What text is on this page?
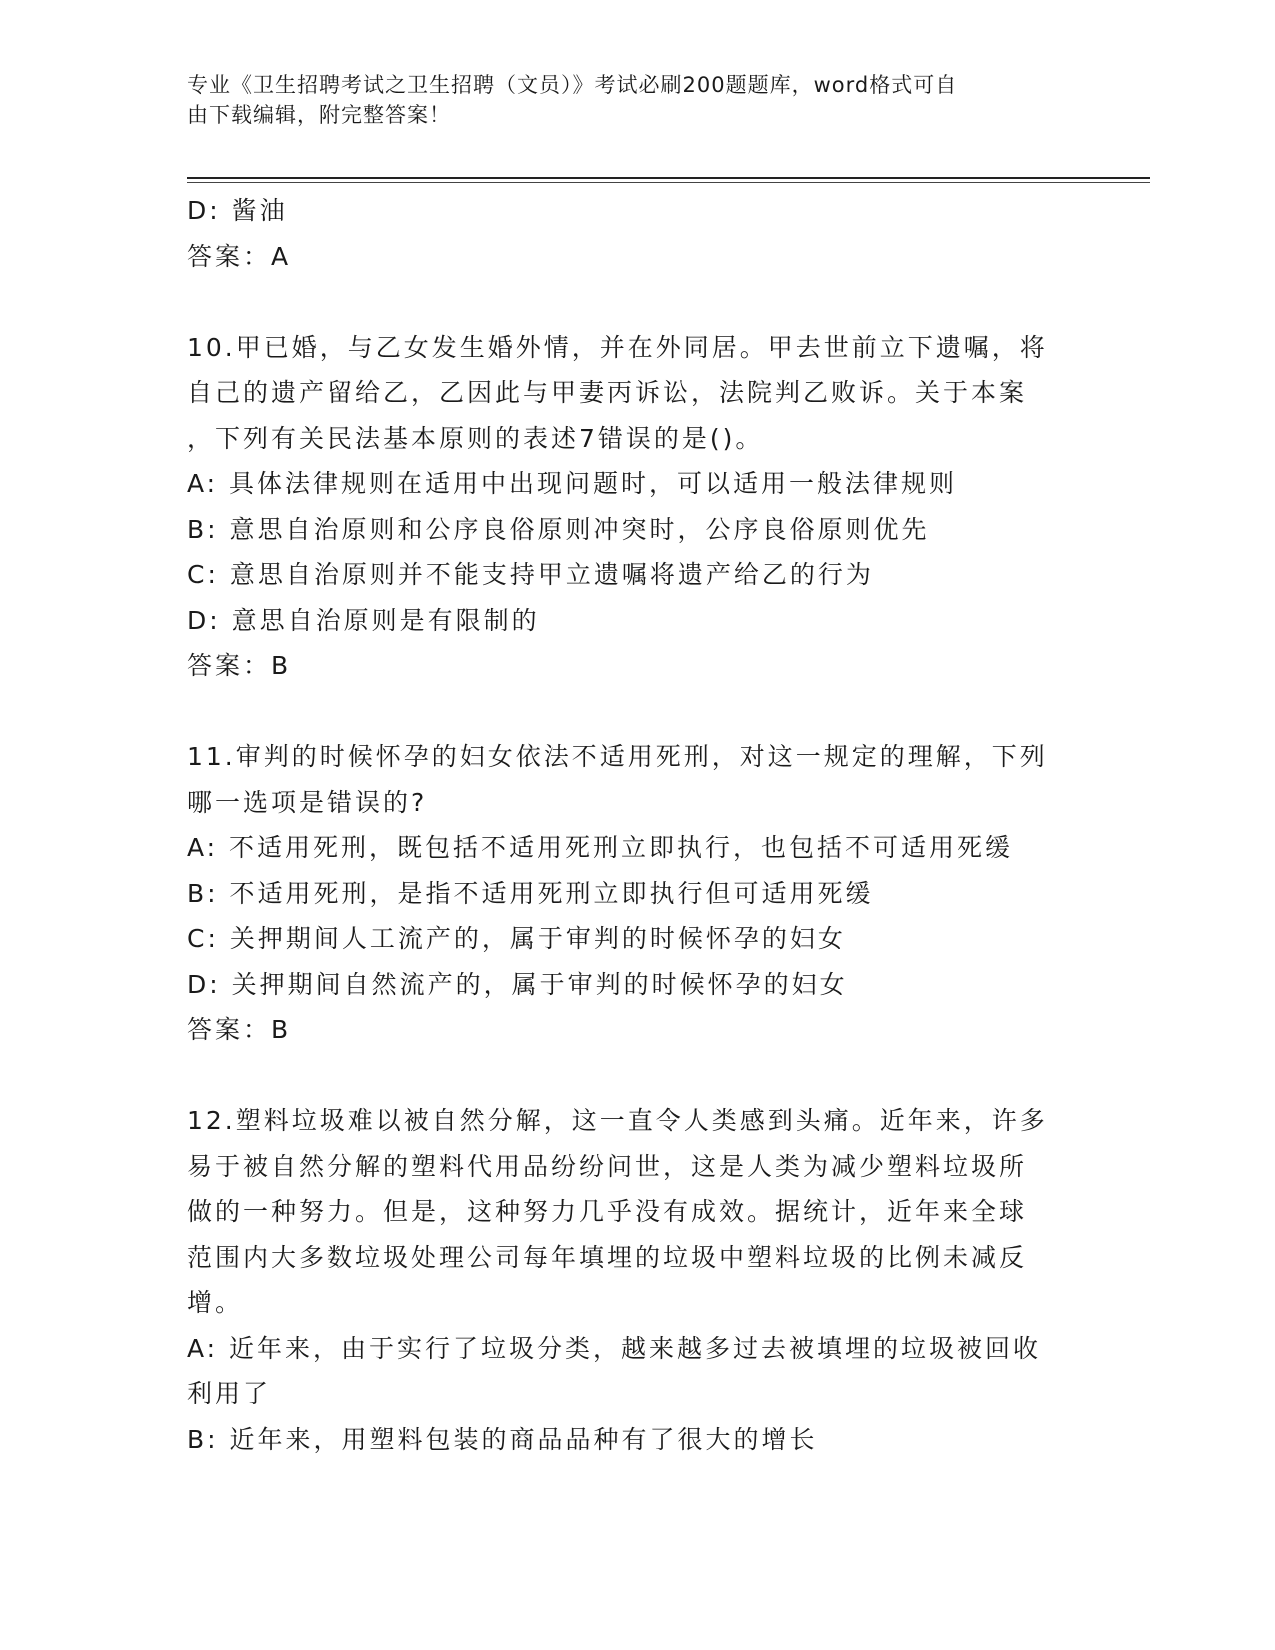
专业《卫生招聘考试之卫生招聘（文员）》考试必刷200题题库，word格式可自
由下载编辑，附完整答案！
D: 酱油
答案：A
10.甲已婚，与乙女发生婚外情，并在外同居。甲去世前立下遗嘱，将
自己的遗产留给乙，乙因此与甲妻丙诉讼，法院判乙败诉。关于本案
，下列有关民法基本原则的表述7错误的是()。
A: 具体法律规则在适用中出现问题时，可以适用一般法律规则
B: 意思自治原则和公序良俗原则冲突时，公序良俗原则优先
C: 意思自治原则并不能支持甲立遗嘱将遗产给乙的行为
D: 意思自治原则是有限制的
答案：B
11.审判的时候怀孕的妇女依法不适用死刑，对这一规定的理解，下列
哪一选项是错误的?
A: 不适用死刑，既包括不适用死刑立即执行，也包括不可适用死缓
B: 不适用死刑，是指不适用死刑立即执行但可适用死缓
C: 关押期间人工流产的，属于审判的时候怀孕的妇女
D: 关押期间自然流产的，属于审判的时候怀孕的妇女
答案：B
12.塑料垃圾难以被自然分解，这一直令人类感到头痛。近年来，许多
易于被自然分解的塑料代用品纷纷问世，这是人类为减少塑料垃圾所
做的一种努力。但是，这种努力几乎没有成效。据统计，近年来全球
范围内大多数垃圾处理公司每年填埋的垃圾中塑料垃圾的比例未减反
增。
A: 近年来，由于实行了垃圾分类，越来越多过去被填埋的垃圾被回收
利用了
B: 近年来，用塑料包装的商品品种有了很大的增长
